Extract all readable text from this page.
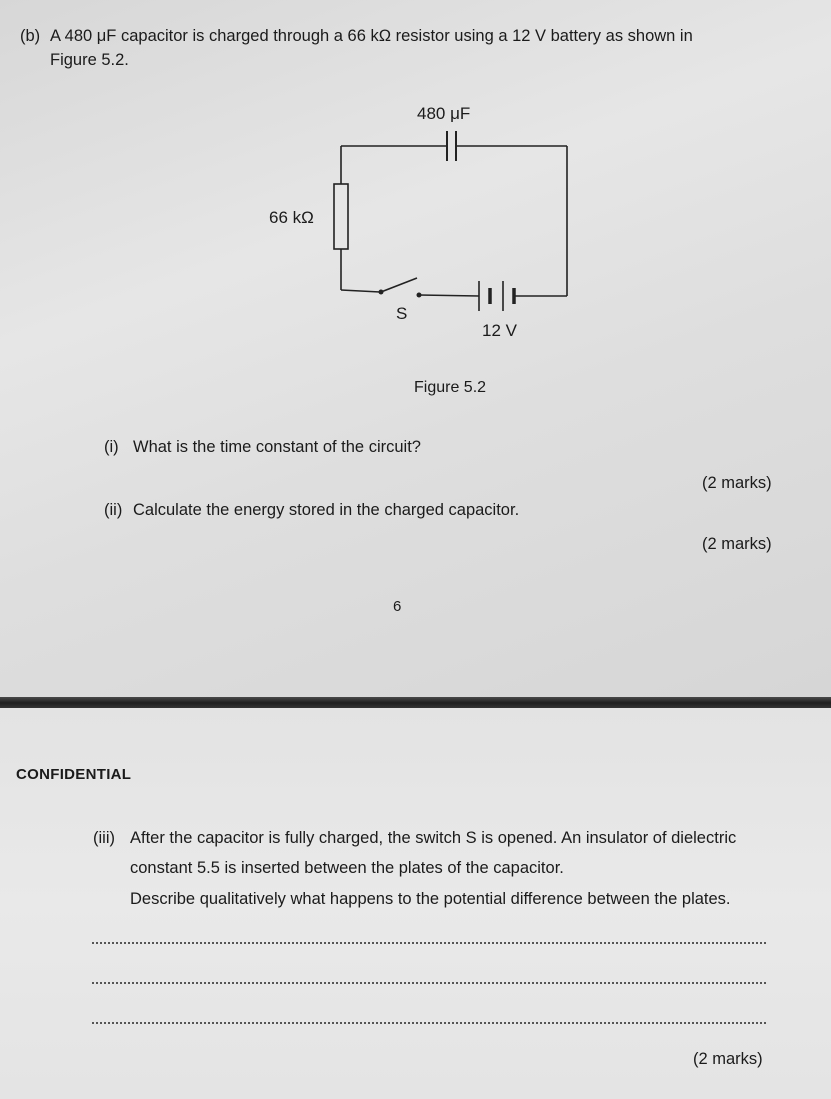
(b) A 480 μF capacitor is charged through a 66 kΩ resistor using a 12 V battery as shown in
Figure 5.2.
480 μF
66 kΩ
S
12 V
Figure 5.2
(i) What is the time constant of the circuit?
(2 marks)
(ii) Calculate the energy stored in the charged capacitor.
(2 marks)
6
CONFIDENTIAL
(iii) After the capacitor is fully charged, the switch S is opened. An insulator of dielectric
constant 5.5 is inserted between the plates of the capacitor.
Describe qualitatively what happens to the potential difference between the plates.
(2 marks)
